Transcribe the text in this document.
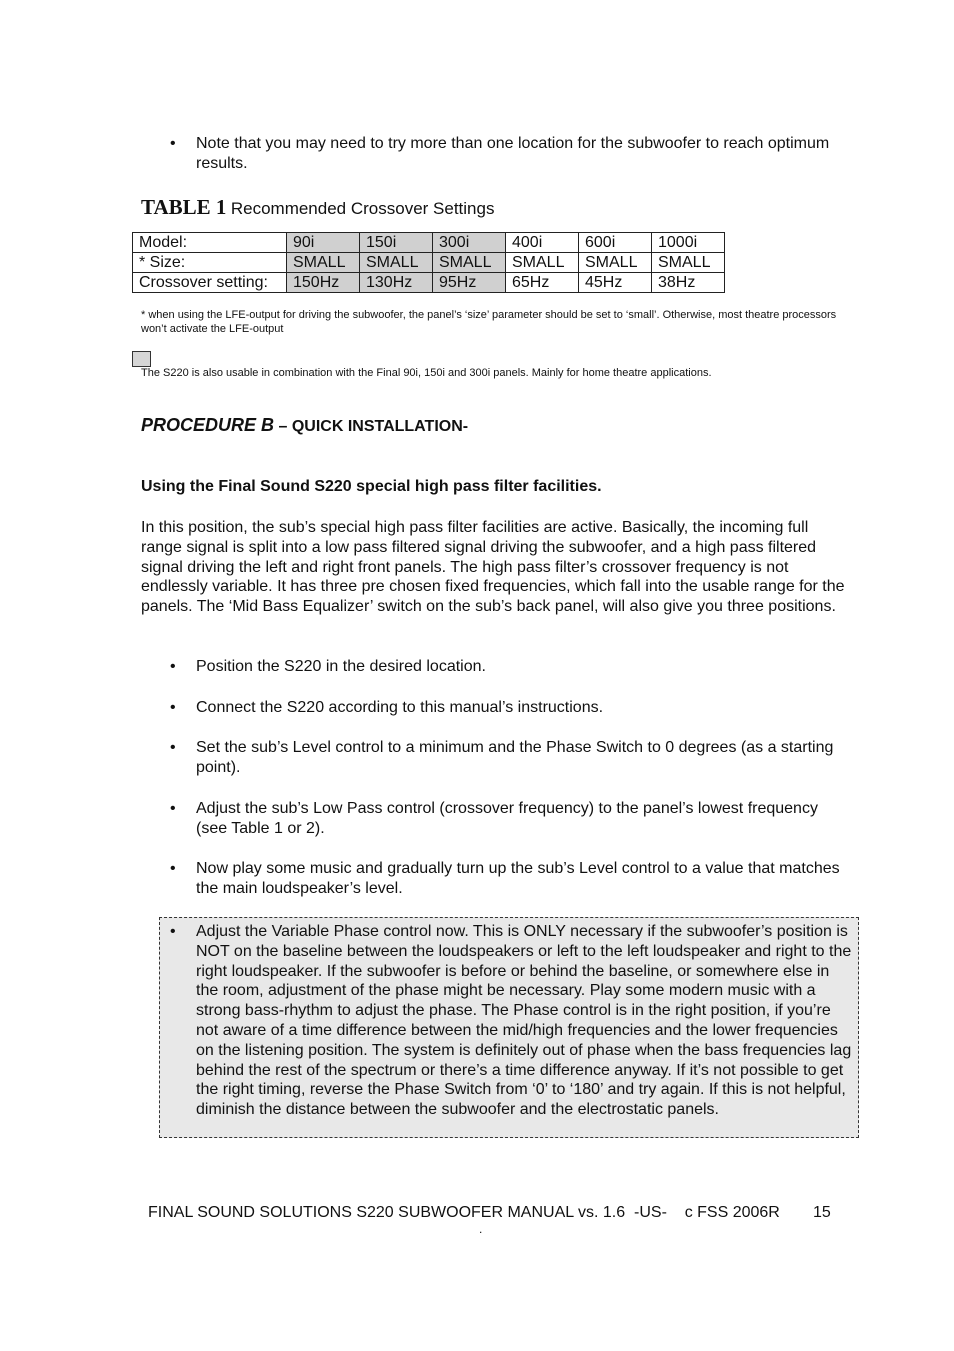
• Note that you may need to try more than one location for the subwoofer to reach optimum results.
TABLE 1 Recommended Crossover Settings
Model:	90i	150i	300i	400i	600i	1000i
* Size:	SMALL	SMALL	SMALL	SMALL	SMALL	SMALL
Crossover setting:	150Hz	130Hz	95Hz	65Hz	45Hz	38Hz
* when using the LFE-output for driving the subwoofer, the panel’s ‘size’ parameter should be set to ‘small’. Otherwise, most theatre processors won’t activate the LFE-output
The S220 is also usable in combination with the Final 90i, 150i and 300i panels. Mainly for home theatre applications.
PROCEDURE B – QUICK INSTALLATION-
Using the Final Sound S220 special high pass filter facilities.
In this position, the sub’s special high pass filter facilities are active. Basically, the incoming full range signal is split into a low pass filtered signal driving the subwoofer, and a high pass filtered signal driving the left and right front panels. The high pass filter’s crossover frequency is not endlessly variable. It has three pre chosen fixed frequencies, which fall into the usable range for the panels. The ‘Mid Bass Equalizer’ switch on the sub’s back panel, will also give you three positions.
• Position the S220 in the desired location.
• Connect the S220 according to this manual’s instructions.
• Set the sub’s Level control to a minimum and the Phase Switch to 0 degrees (as a starting point).
• Adjust the sub’s Low Pass control (crossover frequency) to the panel’s lowest frequency (see Table 1 or 2).
• Now play some music and gradually turn up the sub’s Level control to a value that matches the main loudspeaker’s level.
• Adjust the Variable Phase control now. This is ONLY necessary if the subwoofer’s position is NOT on the baseline between the loudspeakers or left to the left loudspeaker and right to the right loudspeaker. If the subwoofer is before or behind the baseline, or somewhere else in the room, adjustment of the phase might be necessary. Play some modern music with a strong bass-rhythm to adjust the phase. The Phase control is in the right position, if you’re not aware of a time difference between the mid/high frequencies and the lower frequencies on the listening position. The system is definitely out of phase when the bass frequencies lag behind the rest of the spectrum or there’s a time difference anyway. If it’s not possible to get the right timing, reverse the Phase Switch from ‘0’ to ‘180’ and try again. If this is not helpful, diminish the distance between the subwoofer and the electrostatic panels.
FINAL SOUND SOLUTIONS S220 SUBWOOFER MANUAL vs. 1.6  -US-    c FSS 2006R 15
.
